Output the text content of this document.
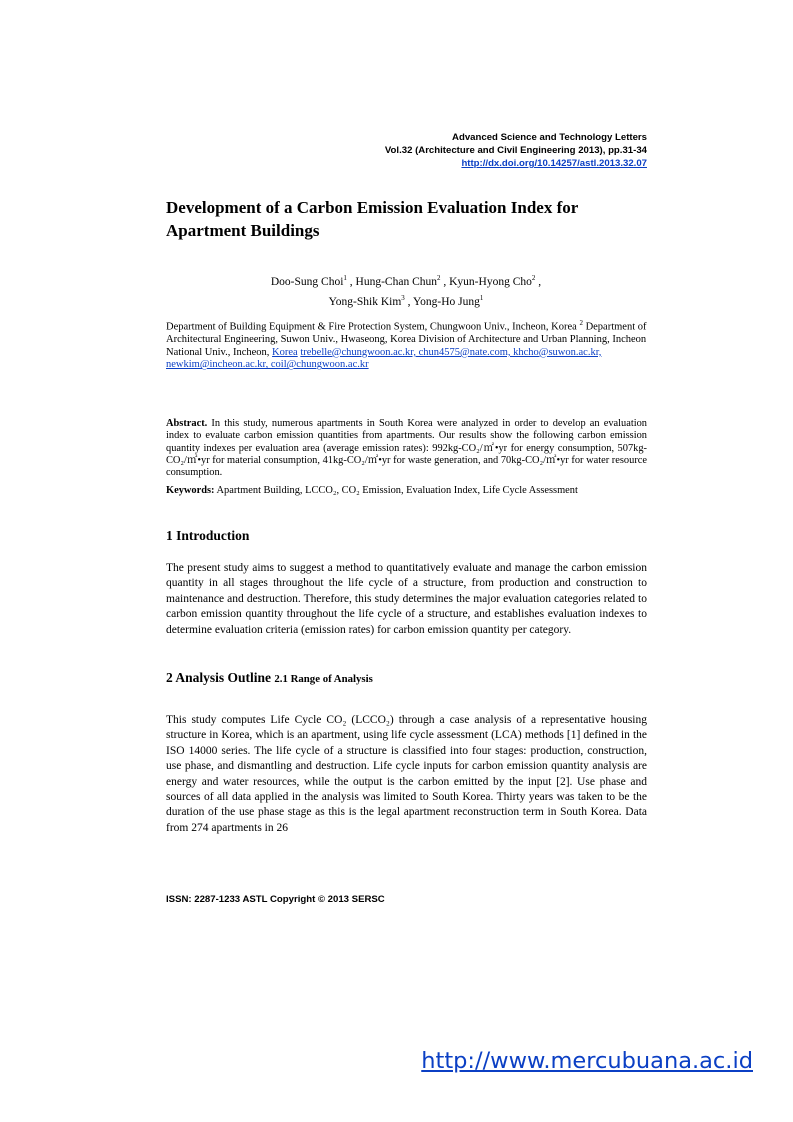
Advanced Science and Technology Letters
Vol.32 (Architecture and Civil Engineering 2013), pp.31-34
http://dx.doi.org/10.14257/astl.2013.32.07
Development of a Carbon Emission Evaluation Index for Apartment Buildings
Doo-Sung Choi$^1$ , Hung-Chan Chun$^2$ , Kyun-Hyong Cho$^2$ ,
Yong-Shik Kim$^3$ , Yong-Ho Jung$^1$
Department of Building Equipment & Fire Protection System, Chungwoon Univ., Incheon, Korea $^2$ Department of Architectural Engineering, Suwon Univ., Hwaseong, Korea Division of Architecture and Urban Planning, Incheon National Univ., Incheon, Korea trebelle@chungwoon.ac.kr, chun4575@nate.com, khcho@suwon.ac.kr, newkim@incheon.ac.kr, coil@chungwoon.ac.kr
Abstract. In this study, numerous apartments in South Korea were analyzed in order to develop an evaluation index to evaluate carbon emission quantities from apartments. Our results show the following carbon emission quantity indexes per evaluation area (average emission rates): 992kg-CO₂/㎡•yr for energy consumption, 507kg-CO₂/㎡•yr for material consumption, 41kg-CO₂/㎡•yr for waste generation, and 70kg-CO₂/㎡•yr for water resource consumption.
Keywords: Apartment Building, LCCO₂, CO₂ Emission, Evaluation Index, Life Cycle Assessment
1 Introduction
The present study aims to suggest a method to quantitatively evaluate and manage the carbon emission quantity in all stages throughout the life cycle of a structure, from production and construction to maintenance and destruction. Therefore, this study determines the major evaluation categories related to carbon emission quantity throughout the life cycle of a structure, and establishes evaluation indexes to determine evaluation criteria (emission rates) for carbon emission quantity per category.
2 Analysis Outline 2.1 Range of Analysis
This study computes Life Cycle CO₂ (LCCO₂) through a case analysis of a representative housing structure in Korea, which is an apartment, using life cycle assessment (LCA) methods [1] defined in the ISO 14000 series. The life cycle of a structure is classified into four stages: production, construction, use phase, and dismantling and destruction. Life cycle inputs for carbon emission quantity analysis are energy and water resources, while the output is the carbon emitted by the input [2]. Use phase and sources of all data applied in the analysis was limited to South Korea. Thirty years was taken to be the duration of the use phase stage as this is the legal apartment reconstruction term in South Korea. Data from 274 apartments in 26
ISSN: 2287-1233 ASTL Copyright © 2013 SERSC
http://www.mercubuana.ac.id
